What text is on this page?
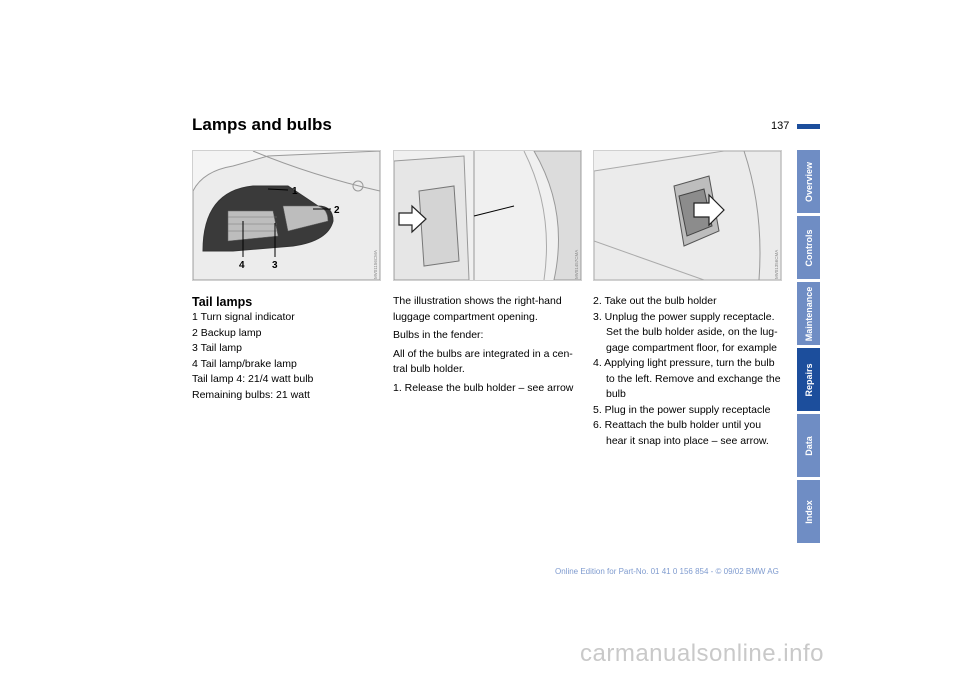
Lamps and bulbs	137
1
2
4	3	MV01156CMA	MV01457CMA	MV01356CMA

Tail lamps

1 Turn signal indicator

2 Backup lamp

3 Tail lamp

4 Tail lamp/brake lamp

Tail lamp 4: 21/4 watt bulb

Remaining bulbs: 21 watt

The illustration shows the right-hand luggage compartment opening.

Bulbs in the fender:

All of the bulbs are integrated in a cen-tral bulb holder.

1. Release the bulb holder – see arrow

2. Take out the bulb holder

3. Unplug the power supply receptacle. Set the bulb holder aside, on the lug-gage compartment floor, for example

4. Applying light pressure, turn the bulb to the left. Remove and exchange the bulb

5. Plug in the power supply receptacle

6. Reattach the bulb holder until you hear it snap into place – see arrow.

Overview
Controls
Maintenance
Repairs
Data
Index
Online Edition for Part-No. 01 41 0 156 854 - © 09/02 BMW AG
carmanualsonline.info
